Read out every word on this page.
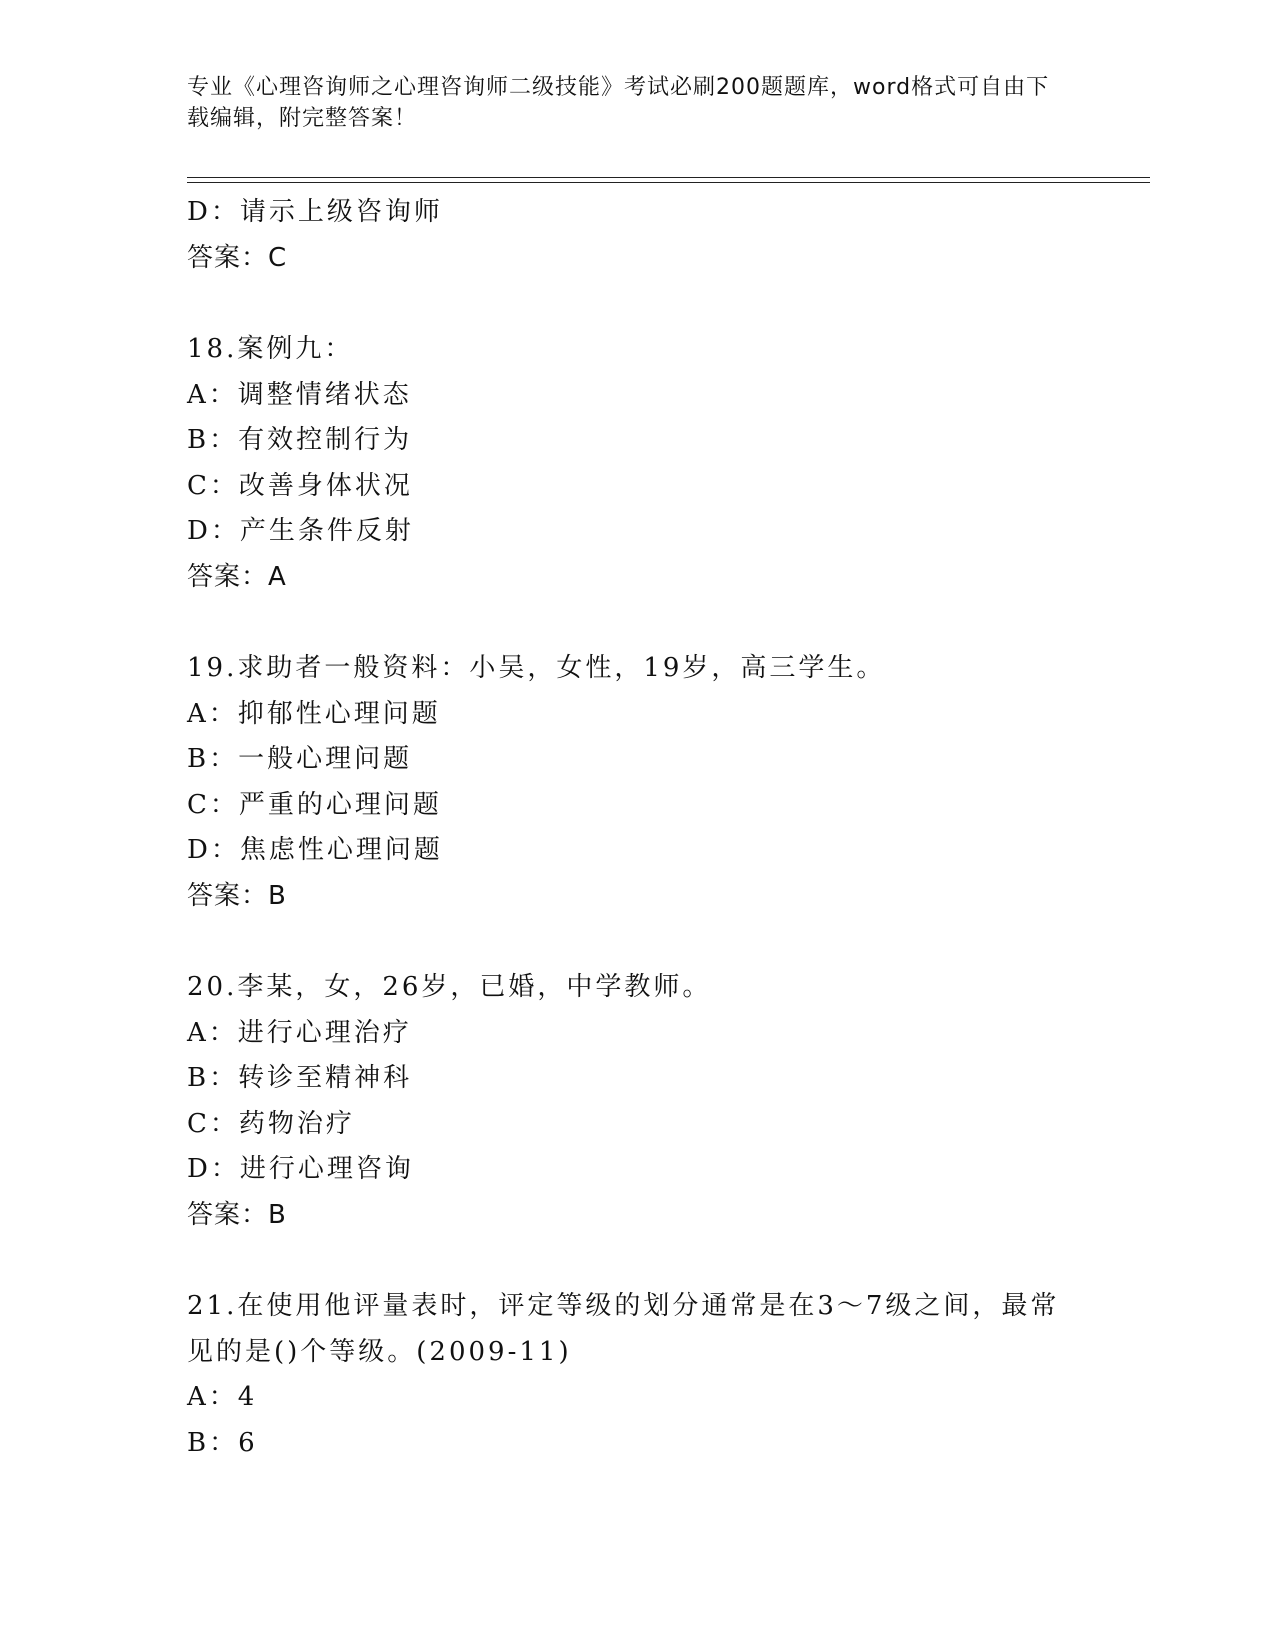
专业《心理咨询师之心理咨询师二级技能》考试必刷200题题库，word格式可自由下载编辑，附完整答案！
D：请示上级咨询师
答案：C
18.案例九：
A：调整情绪状态
B：有效控制行为
C：改善身体状况
D：产生条件反射
答案：A
19.求助者一般资料：小吴，女性，19岁，高三学生。
A：抑郁性心理问题
B：一般心理问题
C：严重的心理问题
D：焦虑性心理问题
答案：B
20.李某，女，26岁，已婚，中学教师。
A：进行心理治疗
B：转诊至精神科
C：药物治疗
D：进行心理咨询
答案：B
21.在使用他评量表时，评定等级的划分通常是在3～7级之间，最常见的是()个等级。(2009-11)
A：4
B：6
